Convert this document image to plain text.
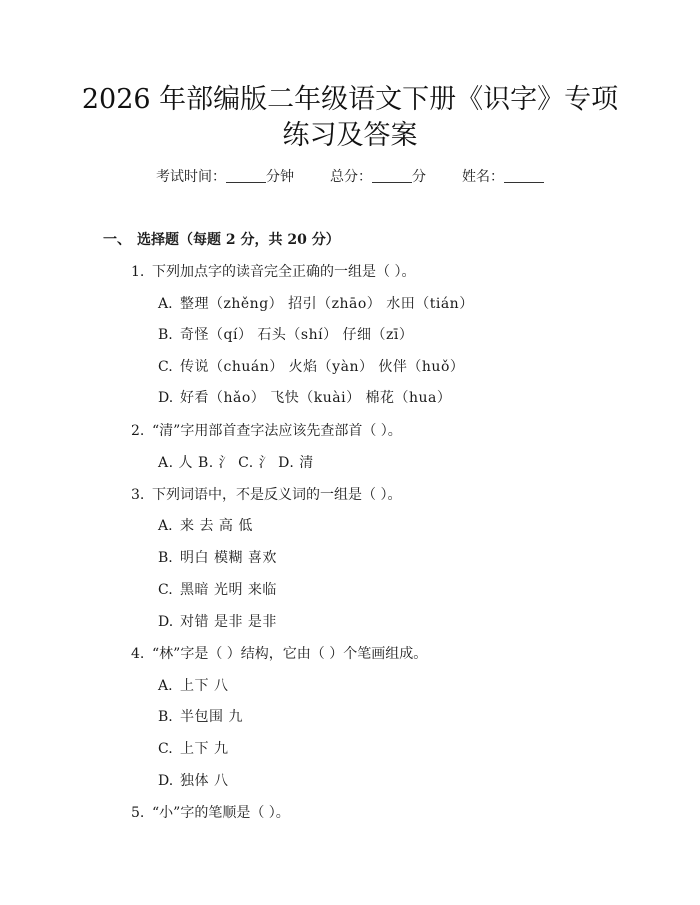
2026 年部编版二年级语文下册《识字》专项
练习及答案
考试时间：	分钟	总分：	分	姓名：
一、 选择题（每题 2 分，共 20 分）
1. 下列加点字的读音完全正确的一组是（ ）。
A. 整理（zhěng） 招引（zhāo） 水田（tián）
B. 奇怪（qí） 石头（shí） 仔细（zī）
C. 传说（chuán） 火焰（yàn） 伙伴（huǒ）
D. 好看（hǎo） 飞快（kuài） 棉花（hua）
2. “清”字用部首查字法应该先查部首（ ）。
A. 人 B. 氵 C. 氵 D. 清
3. 下列词语中，不是反义词的一组是（ ）。
A. 来 去 高 低
B. 明白 模糊 喜欢
C. 黑暗 光明 来临
D. 对错 是非 是非
4. “林”字是（ ）结构，它由（ ）个笔画组成。
A. 上下 八
B. 半包围 九
C. 上下 九
D. 独体 八
5. “小”字的笔顺是（ ）。
